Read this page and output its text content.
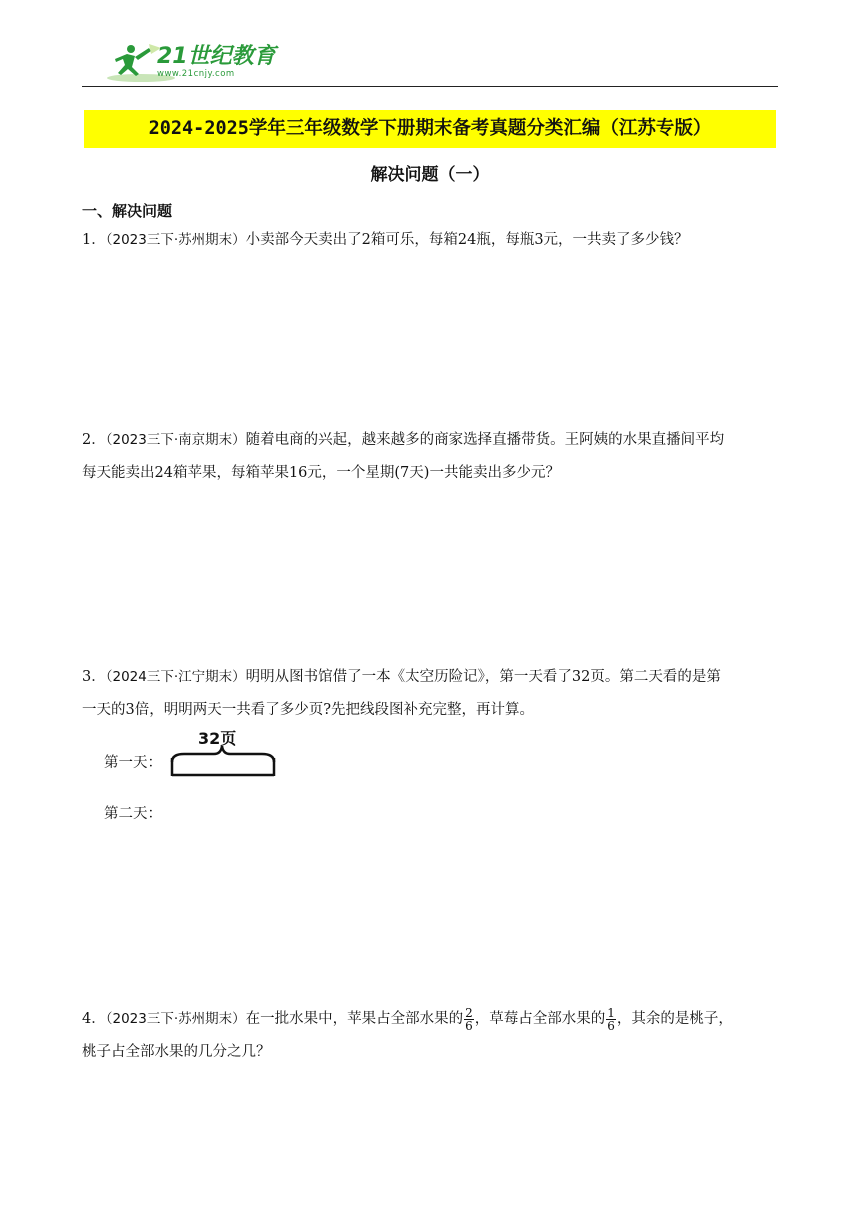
21世纪教育
www.21cnjy.com
2024-2025学年三年级数学下册期末备考真题分类汇编（江苏专版）
解决问题（一）
一、解决问题
1．（2023三下·苏州期末）小卖部今天卖出了2箱可乐，每箱24瓶，每瓶3元，一共卖了多少钱？
2．（2023三下·南京期末）随着电商的兴起，越来越多的商家选择直播带货。王阿姨的水果直播间平均
每天能卖出24箱苹果，每箱苹果16元，一个星期(7天)一共能卖出多少元？
3．（2024三下·江宁期末）明明从图书馆借了一本《太空历险记》，第一天看了32页。第二天看的是第
一天的3倍，明明两天一共看了多少页?先把线段图补充完整，再计算。
第一天：
32页
第二天：
4．（2023三下·苏州期末）在一批水果中，苹果占全部水果的 $\frac{2}{6}$ ，草莓占全部水果的 $\frac{1}{6}$ ，其余的是桃子，
桃子占全部水果的几分之几？
